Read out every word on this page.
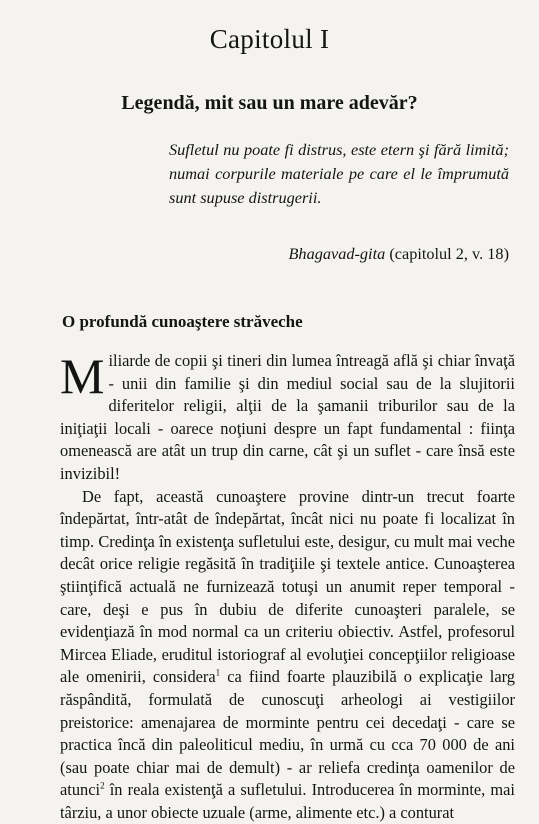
Capitolul I
Legendă, mit sau un mare adevăr?
Sufletul nu poate fi distrus, este etern şi fără limită; numai corpurile materiale pe care el le împrumută sunt supuse distrugerii.
Bhagavad-gita (capitolul 2, v. 18)
O profundă cunoaştere străveche

Miliarde de copii şi tineri din lumea întreagă află şi chiar învaţă - unii din familie şi din mediul social sau de la slujitorii diferitelor religii, alţii de la şamanii triburilor sau de la iniţiaţii locali - oarece noţiuni despre un fapt fundamental : fiinţa omenească are atât un trup din carne, cât şi un suflet - care însă este invizibil!

De fapt, această cunoaştere provine dintr-un trecut foarte îndepărtat, într-atât de îndepărtat, încât nici nu poate fi localizat în timp. Credinţa în existenţa sufletului este, desigur, cu mult mai veche decât orice religie regăsită în tradiţiile şi textele antice. Cunoaşterea ştiinţifică actuală ne furnizează totuşi un anumit reper temporal - care, deşi e pus în dubiu de diferite cunoaşteri paralele, se evidenţiază în mod normal ca un criteriu obiectiv. Astfel, profesorul Mircea Eliade, eruditul istoriograf al evoluţiei concepţiilor religioase ale omenirii, considera$^1$ ca fiind foarte plauzibilă o explicaţie larg răspândită, formulată de cunoscuţi arheologi ai vestigiilor preistorice: amenajarea de morminte pentru cei decedaţi - care se practica încă din paleoliticul mediu, în urmă cu cca 70 000 de ani (sau poate chiar mai de demult) - ar reliefa credinţa oamenilor de atunci$^2$ în reala existenţă a sufletului. Introducerea în morminte, mai târziu, a unor obiecte uzuale (arme, alimente etc.) a conturat
